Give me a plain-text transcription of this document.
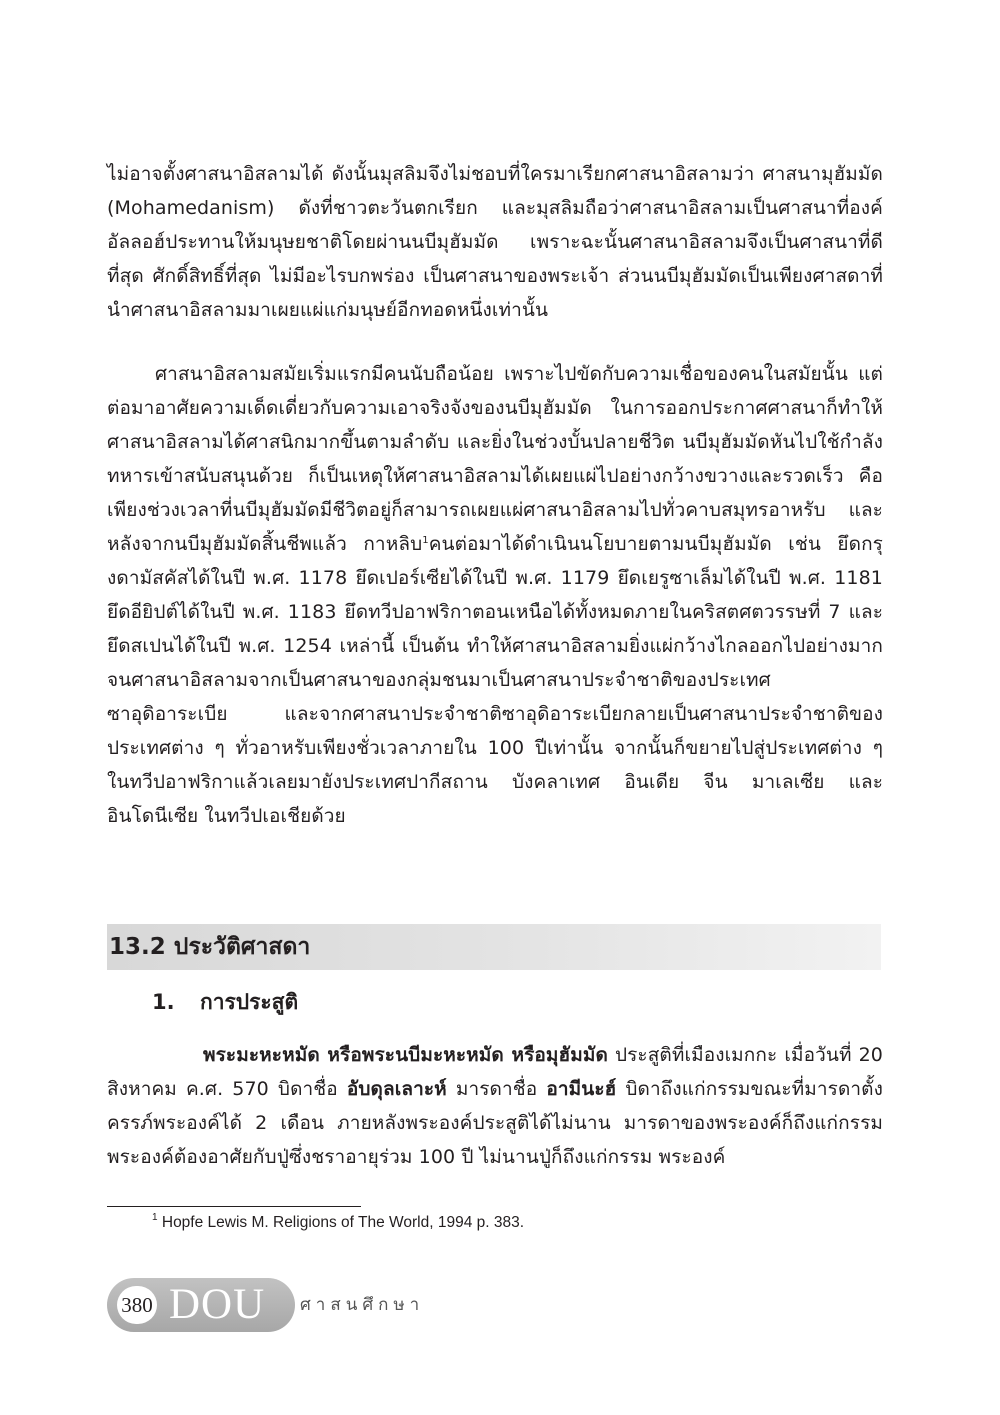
ไม่อาจตั้งศาสนาอิสลามได้ ดังนั้นมุสลิมจึงไม่ชอบที่ใครมาเรียกศาสนาอิสลามว่า ศาสนามุฮัมมัด (Mohamedanism) ดังที่ชาวตะวันตกเรียก และมุสลิมถือว่าศาสนาอิสลามเป็นศาสนาที่องค์อัลลอฮ์ประทานให้มนุษยชาติโดยผ่านนบีมุฮัมมัด เพราะฉะนั้นศาสนาอิสลามจึงเป็นศาสนาที่ดีที่สุด ศักดิ์สิทธิ์ที่สุด ไม่มีอะไรบกพร่อง เป็นศาสนาของพระเจ้า ส่วนนบีมุฮัมมัดเป็นเพียงศาสดาที่นำศาสนาอิสลามมาเผยแผ่แก่มนุษย์อีกทอดหนึ่งเท่านั้น

ศาสนาอิสลามสมัยเริ่มแรกมีคนนับถือน้อย เพราะไปขัดกับความเชื่อของคนในสมัยนั้น แต่ต่อมาอาศัยความเด็ดเดี่ยวกับความเอาจริงจังของนบีมุฮัมมัด ในการออกประกาศศาสนาก็ทำให้ศาสนาอิสลามได้ศาสนิกมากขึ้นตามลำดับ และยิ่งในช่วงบั้นปลายชีวิต นบีมุฮัมมัดหันไปใช้กำลังทหารเข้าสนับสนุนด้วย ก็เป็นเหตุให้ศาสนาอิสลามได้เผยแผ่ไปอย่างกว้างขวางและรวดเร็ว คือเพียงช่วงเวลาที่นบีมุฮัมมัดมีชีวิตอยู่ก็สามารถเผยแผ่ศาสนาอิสลามไปทั่วคาบสมุทรอาหรับ และหลังจากนบีมุฮัมมัดสิ้นชีพแล้ว กาหลิบ$^1$คนต่อมาได้ดำเนินนโยบายตามนบีมุฮัมมัด เช่น ยึดกรุงดามัสคัสได้ในปี พ.ศ. 1178 ยึดเปอร์เซียได้ในปี พ.ศ. 1179 ยึดเยรูซาเล็มได้ในปี พ.ศ. 1181 ยึดอียิปต์ได้ในปี พ.ศ. 1183 ยึดทวีปอาฟริกาตอนเหนือได้ทั้งหมดภายในคริสตศตวรรษที่ 7 และยึดสเปนได้ในปี พ.ศ. 1254 เหล่านี้ เป็นต้น ทำให้ศาสนาอิสลามยิ่งแผ่กว้างไกลออกไปอย่างมาก จนศาสนาอิสลามจากเป็นศาสนาของกลุ่มชนมาเป็นศาสนาประจำชาติของประเทศซาอุดิอาระเบีย และจากศาสนาประจำชาติซาอุดิอาระเบียกลายเป็นศาสนาประจำชาติของประเทศต่าง ๆ ทั่วอาหรับเพียงชั่วเวลาภายใน 100 ปีเท่านั้น จากนั้นก็ขยายไปสู่ประเทศต่าง ๆ ในทวีปอาฟริกาแล้วเลยมายังประเทศปากีสถาน บังคลาเทศ อินเดีย จีน มาเลเซีย และอินโดนีเซีย ในทวีปเอเชียด้วย

13.2 ประวัติศาสดา
1. การประสูติ

พระมะหะหมัด หรือพระนบีมะหะหมัด หรือมุฮัมมัด ประสูติที่เมืองเมกกะ เมื่อวันที่ 20 สิงหาคม ค.ศ. 570 บิดาชื่อ อับดุลเลาะห์ มารดาชื่อ อามีนะฮ์ บิดาถึงแก่กรรมขณะที่มารดาตั้งครรภ์พระองค์ได้ 2 เดือน ภายหลังพระองค์ประสูติได้ไม่นาน มารดาของพระองค์ก็ถึงแก่กรรม พระองค์ต้องอาศัยกับปู่ซึ่งชราอายุร่วม 100 ปี ไม่นานปู่ก็ถึงแก่กรรม พระองค์

$^1$ Hopfe Lewis M. Religions of The World, 1994 p. 383.
380 DOU ศาสนศึกษา
